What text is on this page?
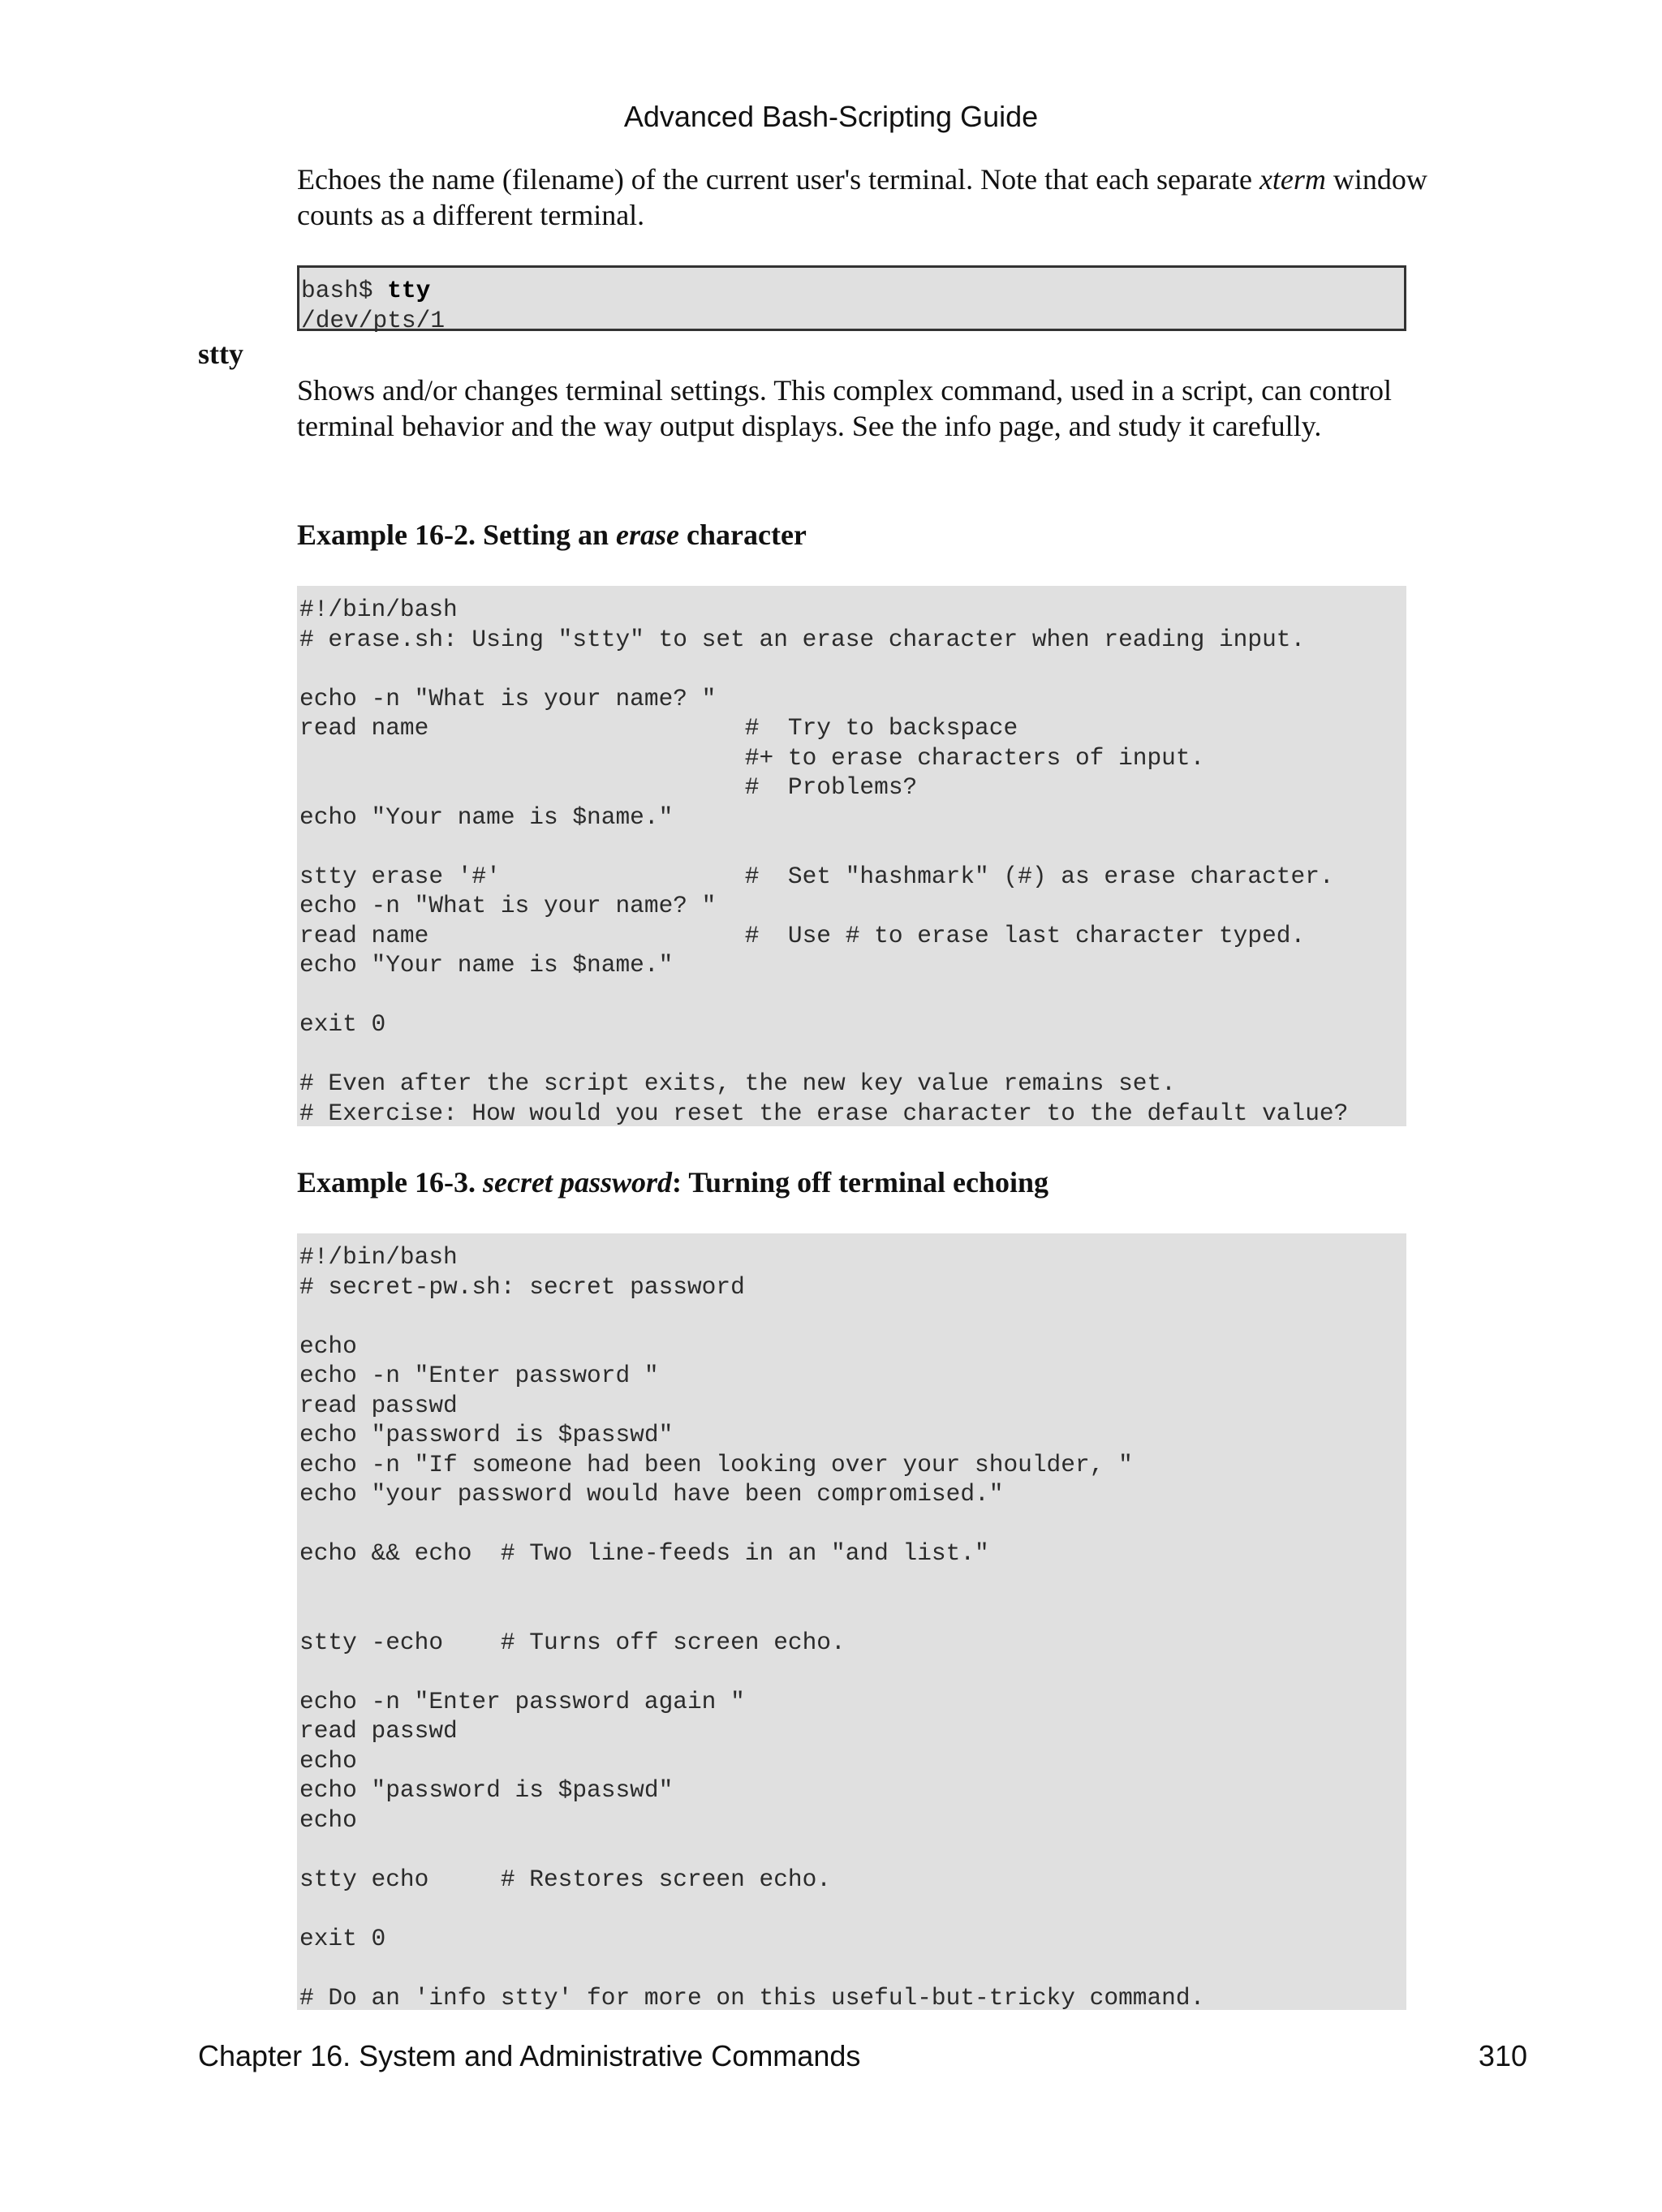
Advanced Bash-Scripting Guide

Echoes the name (filename) of the current user's terminal. Note that each separate xterm window counts as a different terminal.

bash$ tty
/dev/pts/1
stty

Shows and/or changes terminal settings. This complex command, used in a script, can control terminal behavior and the way output displays. See the info page, and study it carefully.

Example 16-2. Setting an erase character
#!/bin/bash
# erase.sh: Using "stty" to set an erase character when reading input.

echo -n "What is your name? "
read name                      #  Try to backspace
#+ to erase characters of input.
#  Problems?
echo "Your name is $name."

stty erase '#'                 #  Set "hashmark" (#) as erase character.
echo -n "What is your name? "
read name                      #  Use # to erase last character typed.
echo "Your name is $name."

exit 0

# Even after the script exits, the new key value remains set.
# Exercise: How would you reset the erase character to the default value?
Example 16-3. secret password: Turning off terminal echoing
#!/bin/bash
# secret-pw.sh: secret password

echo
echo -n "Enter password "
read passwd
echo "password is $passwd"
echo -n "If someone had been looking over your shoulder, "
echo "your password would have been compromised."

echo && echo  # Two line-feeds in an "and list."

stty -echo    # Turns off screen echo.

echo -n "Enter password again "
read passwd
echo
echo "password is $passwd"
echo

stty echo     # Restores screen echo.

exit 0

# Do an 'info stty' for more on this useful-but-tricky command.
Chapter 16. System and Administrative Commands	310
